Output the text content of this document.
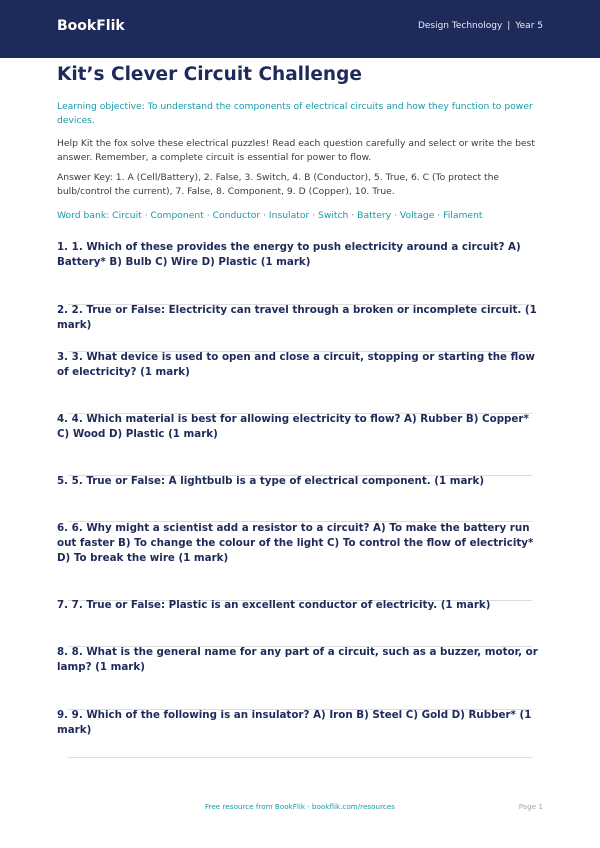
BookFlik	Design Technology | Year 5
Kit’s Clever Circuit Challenge
Learning objective: To understand the components of electrical circuits and how they function to power devices.
Help Kit the fox solve these electrical puzzles! Read each question carefully and select or write the best answer. Remember, a complete circuit is essential for power to flow.
Answer Key: 1. A (Cell/Battery), 2. False, 3. Switch, 4. B (Conductor), 5. True, 6. C (To protect the bulb/control the current), 7. False, 8. Component, 9. D (Copper), 10. True.
Word bank: Circuit · Component · Conductor · Insulator · Switch · Battery · Voltage · Filament
1. 1. Which of these provides the energy to push electricity around a circuit? A) Battery* B) Bulb C) Wire D) Plastic (1 mark)
2. 2. True or False: Electricity can travel through a broken or incomplete circuit. (1 mark)
3. 3. What device is used to open and close a circuit, stopping or starting the flow of electricity? (1 mark)
4. 4. Which material is best for allowing electricity to flow? A) Rubber B) Copper* C) Wood D) Plastic (1 mark)
5. 5. True or False: A lightbulb is a type of electrical component. (1 mark)
6. 6. Why might a scientist add a resistor to a circuit? A) To make the battery run out faster B) To change the colour of the light C) To control the flow of electricity* D) To break the wire (1 mark)
7. 7. True or False: Plastic is an excellent conductor of electricity. (1 mark)
8. 8. What is the general name for any part of a circuit, such as a buzzer, motor, or lamp? (1 mark)
9. 9. Which of the following is an insulator? A) Iron B) Steel C) Gold D) Rubber* (1 mark)
Free resource from BookFlik · bookflik.com/resources	Page 1
